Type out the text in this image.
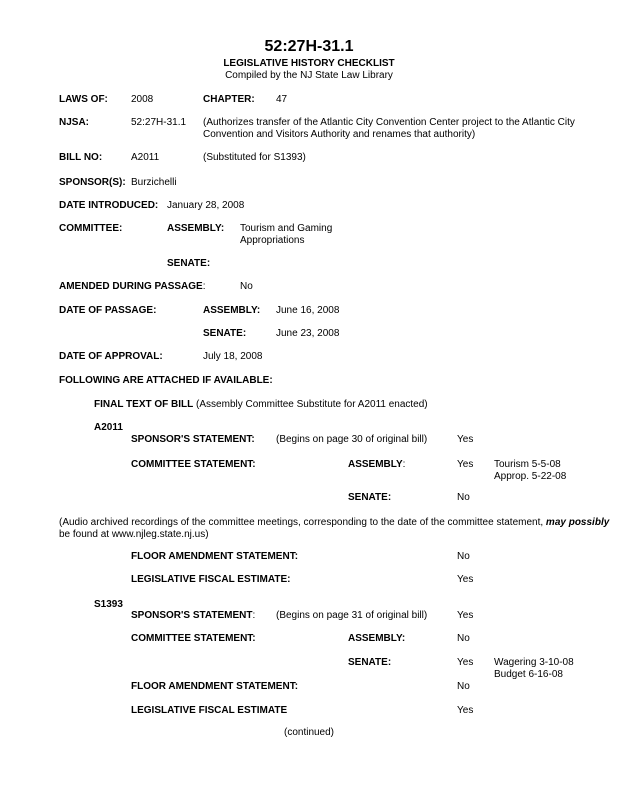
52:27H-31.1
LEGISLATIVE HISTORY CHECKLIST
Compiled by the NJ State Law Library
LAWS OF: 2008	CHAPTER: 47
NJSA:	52:27H-31.1 (Authorizes transfer of the Atlantic City Convention Center project to the Atlantic City
Convention and Visitors Authority and renames that authority)
BILL NO:	A2011	(Substituted for S1393)
SPONSOR(S): Burzichelli
DATE INTRODUCED: January 28, 2008
COMMITTEE:	ASSEMBLY: Tourism and Gaming
Appropriations
SENATE:
AMENDED DURING PASSAGE:	No
DATE OF PASSAGE:	ASSEMBLY: June 16, 2008
SENATE:	June 23, 2008
DATE OF APPROVAL:	July 18, 2008
FOLLOWING ARE ATTACHED IF AVAILABLE:
FINAL TEXT OF BILL (Assembly Committee Substitute for A2011 enacted)
A2011
SPONSOR'S STATEMENT: (Begins on page 30 of original bill)	Yes
COMMITTEE STATEMENT:	ASSEMBLY:	Yes Tourism 5-5-08
Approp. 5-22-08
SENATE:	No
(Audio archived recordings of the committee meetings, corresponding to the date of the committee statement, may possibly
be found at www.njleg.state.nj.us)
FLOOR AMENDMENT STATEMENT:	No
LEGISLATIVE FISCAL ESTIMATE:	Yes
S1393
SPONSOR'S STATEMENT: (Begins on page 31 of original bill)	Yes
COMMITTEE STATEMENT:	ASSEMBLY:	No
SENATE:	Yes Wagering 3-10-08
Budget 6-16-08
FLOOR AMENDMENT STATEMENT:	No
LEGISLATIVE FISCAL ESTIMATE	Yes
(continued)
